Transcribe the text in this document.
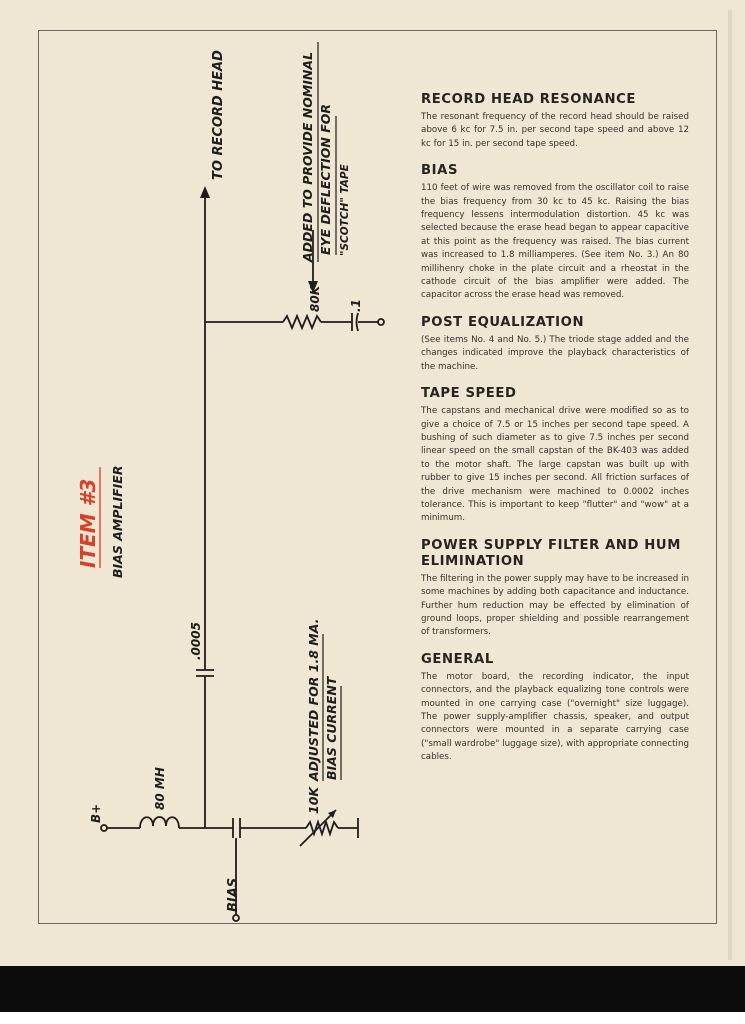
TO RECORD HEAD	ADDED TO PROVIDE NOMINAL EYE DEFLECTION FOR "SCOTCH" TAPE
80K .1
.0005
B+
80 MH	10K
ADJUSTED FOR 1.8 MA. BIAS CURRENT
BIAS
ITEM #3 BIAS AMPLIFIER
RECORD HEAD RESONANCE

The resonant frequency of the record head should be raised above 6 kc for 7.5 in. per second tape speed and above 12 kc for 15 in. per second tape speed.

BIAS

110 feet of wire was removed from the oscillator coil to raise the bias frequency from 30 kc to 45 kc. Raising the bias frequency lessens intermodulation distortion. 45 kc was selected because the erase head began to appear capacitive at this point as the frequency was raised. The bias current was increased to 1.8 milliamperes. (See item No. 3.) An 80 millihenry choke in the plate circuit and a rheostat in the cathode circuit of the bias amplifier were added. The capacitor across the erase head was removed.

POST EQUALIZATION

(See items No. 4 and No. 5.) The triode stage added and the changes indicated improve the playback characteristics of the machine.

TAPE SPEED

The capstans and mechanical drive were modified so as to give a choice of 7.5 or 15 inches per second tape speed. A bushing of such diameter as to give 7.5 inches per second linear speed on the small capstan of the BK-403 was added to the motor shaft. The large capstan was built up with rubber to give 15 inches per second. All friction surfaces of the drive mechanism were machined to 0.0002 inches tolerance. This is important to keep "flutter" and "wow" at a minimum.

POWER SUPPLY FILTER AND HUM ELIMINATION

The filtering in the power supply may have to be increased in some machines by adding both capacitance and inductance. Further hum reduction may be effected by elimination of ground loops, proper shielding and possible rearrangement of transformers.

GENERAL

The motor board, the recording indicator, the input connectors, and the playback equalizing tone controls were mounted in one carrying case ("overnight" size luggage). The power supply-amplifier chassis, speaker, and output connectors were mounted in a separate carrying case ("small wardrobe" luggage size), with appropriate connecting cables.
